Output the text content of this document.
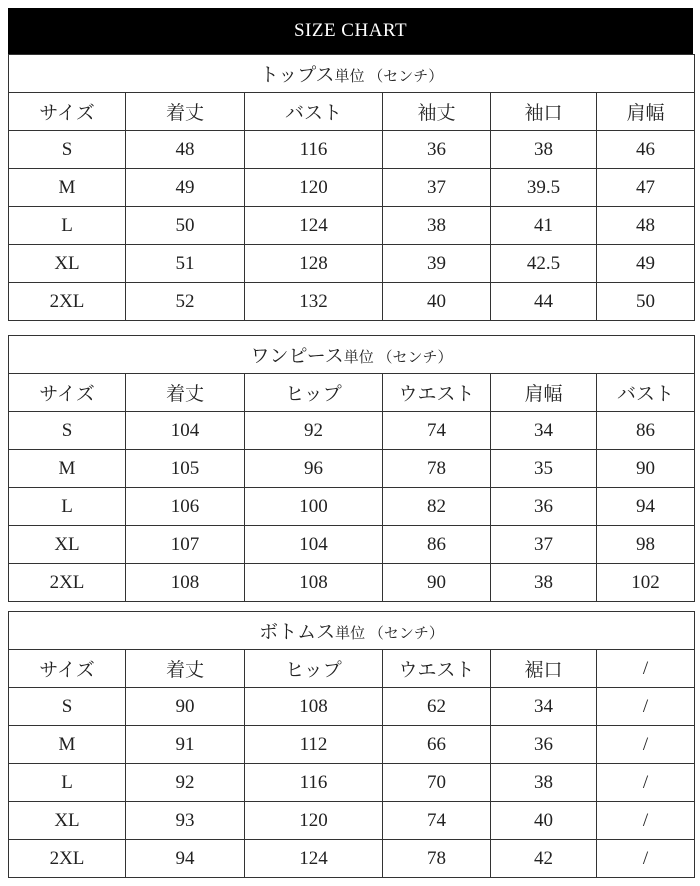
SIZE CHART
トップス単位 （センチ）					
サイズ	着丈	バスト	袖丈	袖口	肩幅
S	48	116	36	38	46
M	49	120	37	39.5	47
L	50	124	38	41	48
XL	51	128	39	42.5	49
2XL	52	132	40	44	50
ワンピース単位 （センチ）					
サイズ	着丈	ヒップ	ウエスト	肩幅	バスト
S	104	92	74	34	86
M	105	96	78	35	90
L	106	100	82	36	94
XL	107	104	86	37	98
2XL	108	108	90	38	102
ボトムス単位 （センチ）					
サイズ	着丈	ヒップ	ウエスト	裾口	/
S	90	108	62	34	/
M	91	112	66	36	/
L	92	116	70	38	/
XL	93	120	74	40	/
2XL	94	124	78	42	/
